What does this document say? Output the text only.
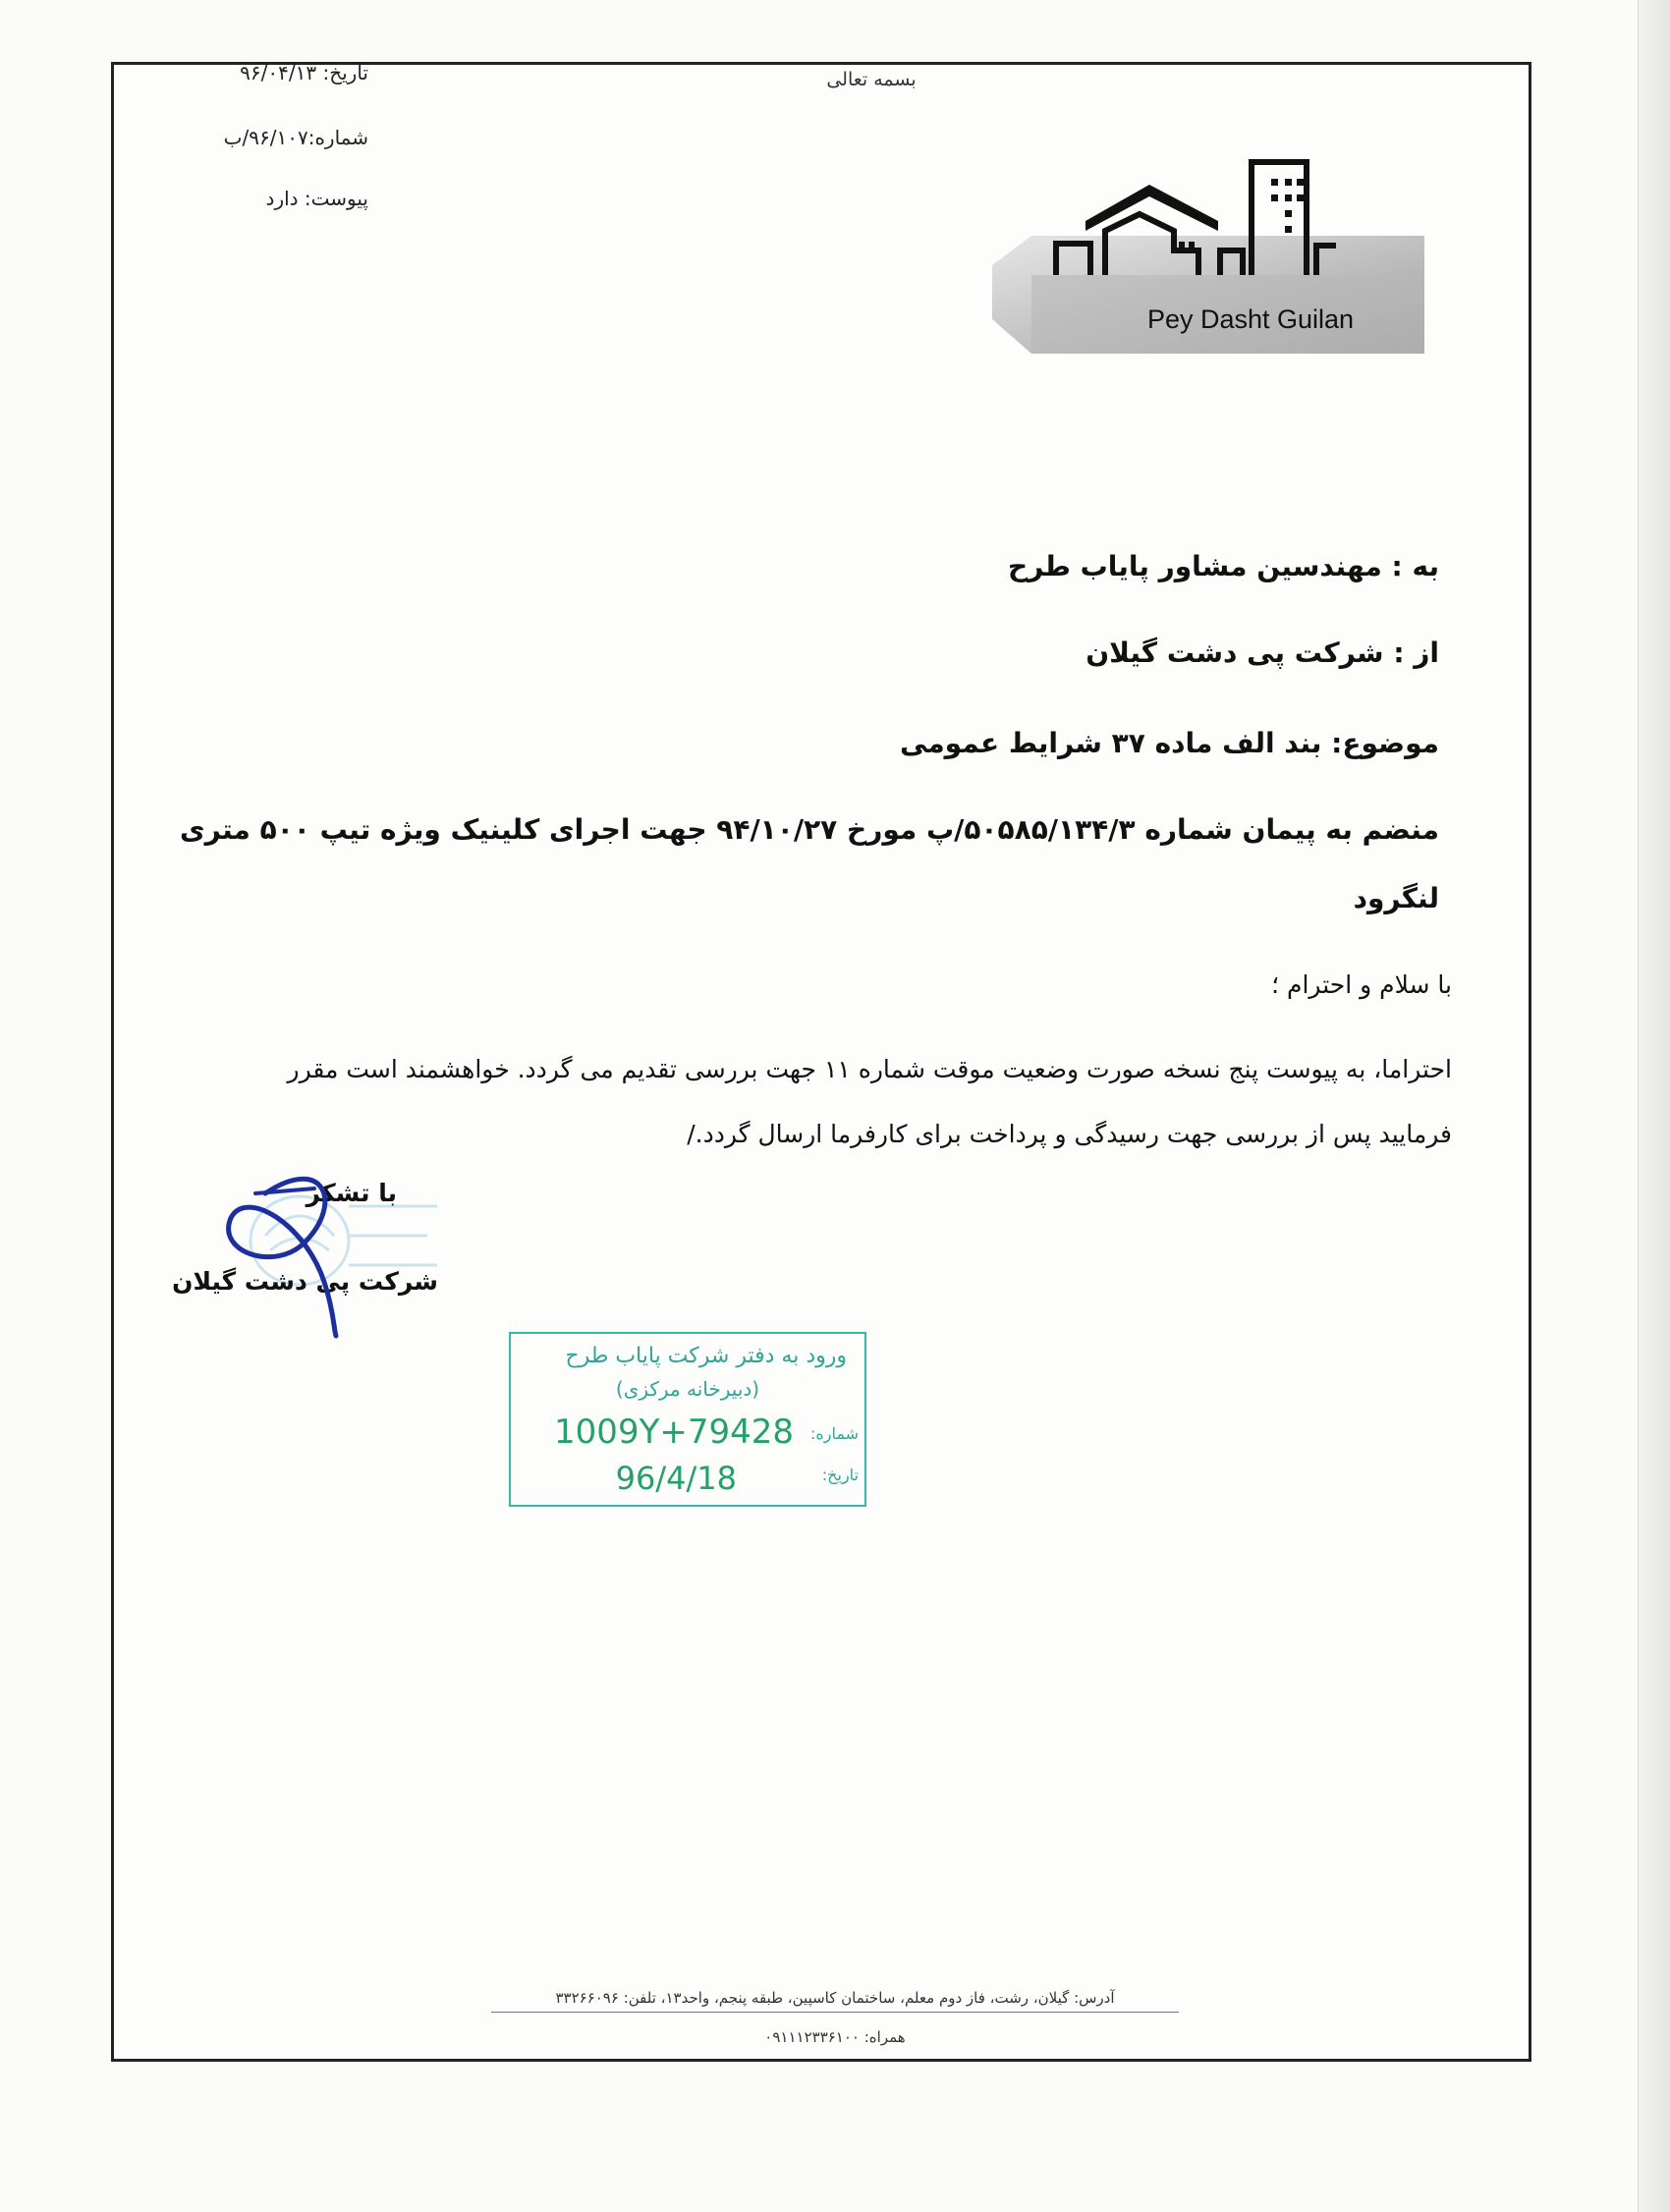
بسمه تعالی
تاریخ: ۹۶/۰۴/۱۳
شماره:۹۶/۱۰۷/ب
پیوست: دارد
Pey Dasht Guilan
به : مهندسین مشاور پایاب طرح
از : شرکت پی دشت گیلان
موضوع: بند الف ماده ۳۷ شرایط عمومی
منضم به پیمان شماره ۵۰۵۸۵/۱۳۴/۳/پ مورخ ۹۴/۱۰/۲۷ جهت اجرای کلینیک ویژه تیپ ۵۰۰ متری
لنگرود
با سلام و احترام ؛
احتراما، به پیوست پنج نسخه صورت وضعیت موقت شماره ۱۱ جهت بررسی تقدیم می گردد. خواهشمند است مقرر
فرمایید پس از بررسی جهت رسیدگی و پرداخت برای کارفرما ارسال گردد./
با تشکر
شرکت پی دشت گیلان
ورود به دفتر شرکت پایاب طرح
(دبیرخانه مرکزی)
شماره:
تاریخ:
1009Y+79428
96/4/18
آدرس: گیلان، رشت، فاز دوم معلم، ساختمان کاسپین، طبقه پنجم، واحد۱۳، تلفن: ۳۳۲۶۶۰۹۶
همراه: ۰۹۱۱۱۲۳۳۶۱۰۰
